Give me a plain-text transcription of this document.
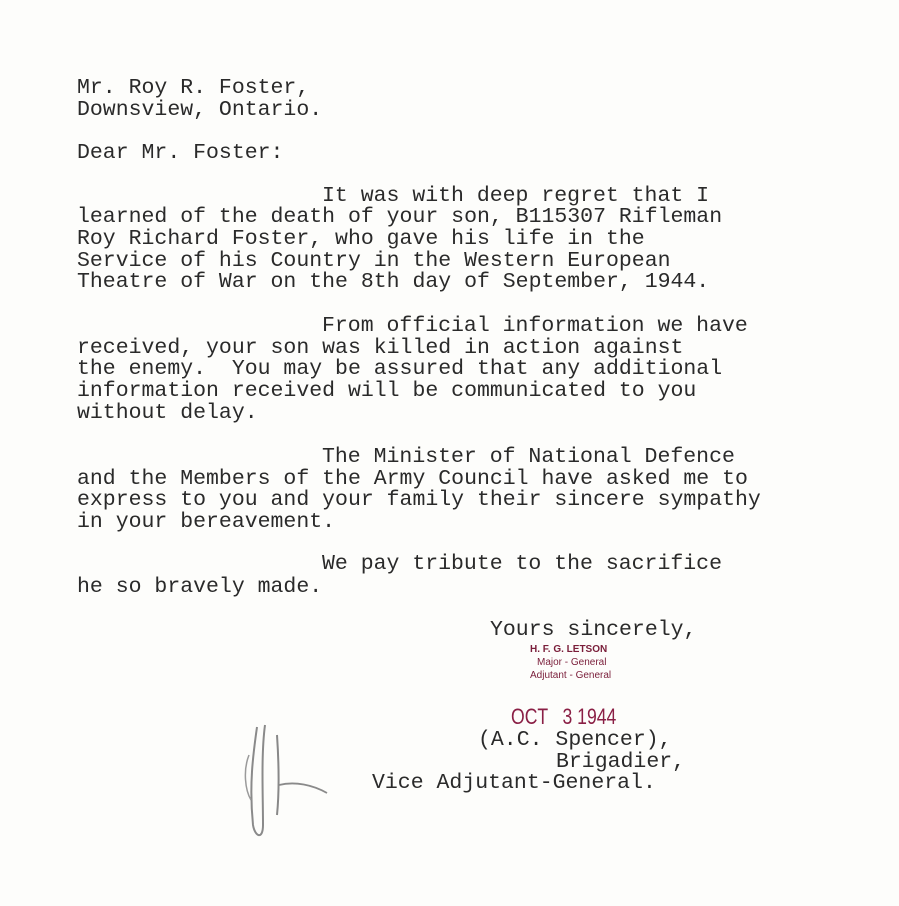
Mr. Roy R. Foster,
Downsview, Ontario.
Dear Mr. Foster:
It was with deep regret that I
learned of the death of your son, B115307 Rifleman
Roy Richard Foster, who gave his life in the
Service of his Country in the Western European
Theatre of War on the 8th day of September, 1944.
From official information we have
received, your son was killed in action against
the enemy.  You may be assured that any additional
information received will be communicated to you
without delay.
The Minister of National Defence
and the Members of the Army Council have asked me to
express to you and your family their sincere sympathy
in your bereavement.
We pay tribute to the sacrifice
he so bravely made.
Yours sincerely,
H. F. G. LETSON
Major - General
Adjutant - General
OCT   3 1944
(A.C. Spencer),
Brigadier,
Vice Adjutant-General.
